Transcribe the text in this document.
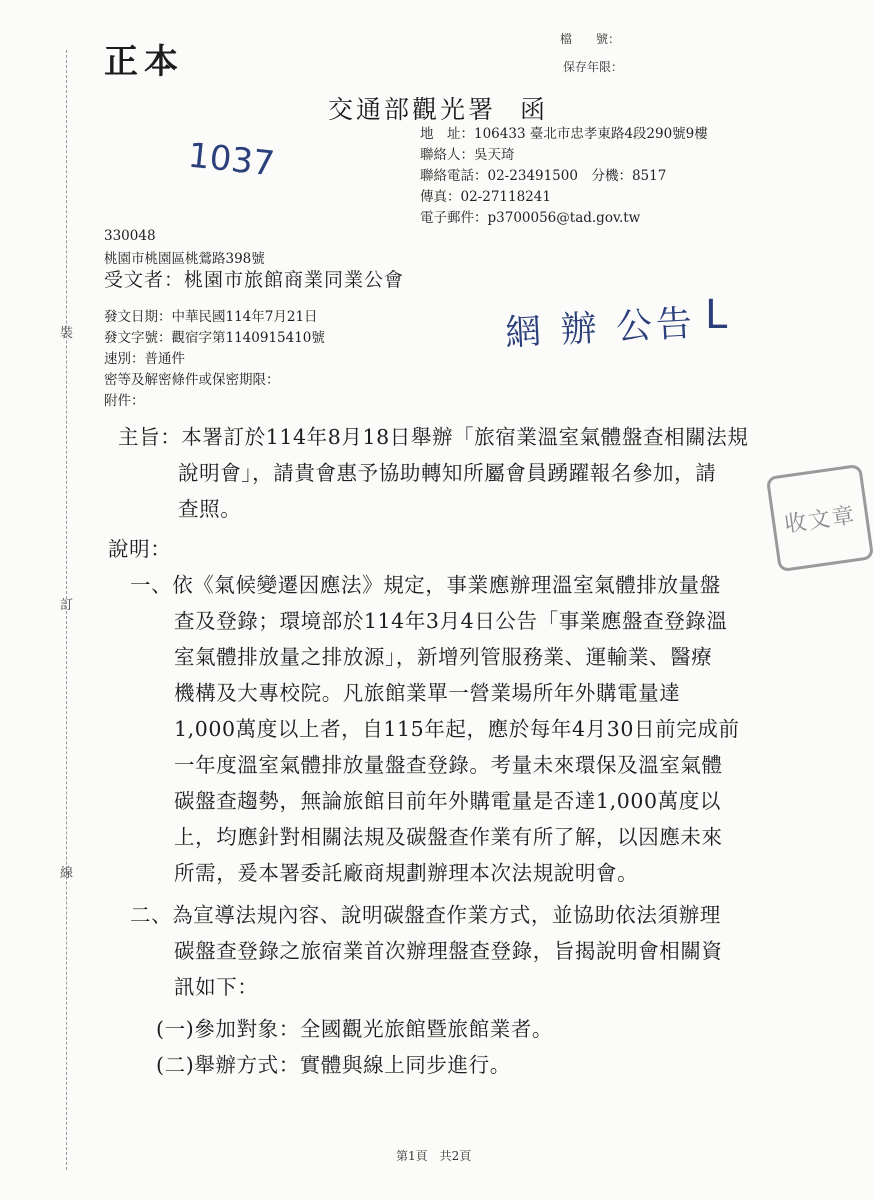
正本
檔　　號：
保存年限：
交通部觀光署 函
地　址：106433 臺北市忠孝東路4段290號9樓
聯絡人：吳天琦
聯絡電話：02-23491500　分機：8517
傳真：02-27118241
電子郵件：p3700056@tad.gov.tw
1037
網 辦 公告 L
330048
桃園市桃園區桃鶯路398號
受文者：桃園市旅館商業同業公會
發文日期：中華民國114年7月21日
發文字號：觀宿字第1140915410號
速別：普通件
密等及解密條件或保密期限：
附件：
裝
訂
線
主旨：本署訂於114年8月18日舉辦「旅宿業溫室氣體盤查相關法規
說明會」，請貴會惠予協助轉知所屬會員踴躍報名參加，請
查照。
說明：
一、依《氣候變遷因應法》規定，事業應辦理溫室氣體排放量盤
查及登錄；環境部於114年3月4日公告「事業應盤查登錄溫
室氣體排放量之排放源」，新增列管服務業、運輸業、醫療
機構及大專校院。凡旅館業單一營業場所年外購電量達
1,000萬度以上者，自115年起，應於每年4月30日前完成前
一年度溫室氣體排放量盤查登錄。考量未來環保及溫室氣體
碳盤查趨勢，無論旅館目前年外購電量是否達1,000萬度以
上，均應針對相關法規及碳盤查作業有所了解，以因應未來
所需，爰本署委託廠商規劃辦理本次法規說明會。
二、為宣導法規內容、說明碳盤查作業方式，並協助依法須辦理
碳盤查登錄之旅宿業首次辦理盤查登錄，旨揭說明會相關資
訊如下：
(一)參加對象：全國觀光旅館暨旅館業者。
(二)舉辦方式：實體與線上同步進行。
收文章
第1頁　共2頁
